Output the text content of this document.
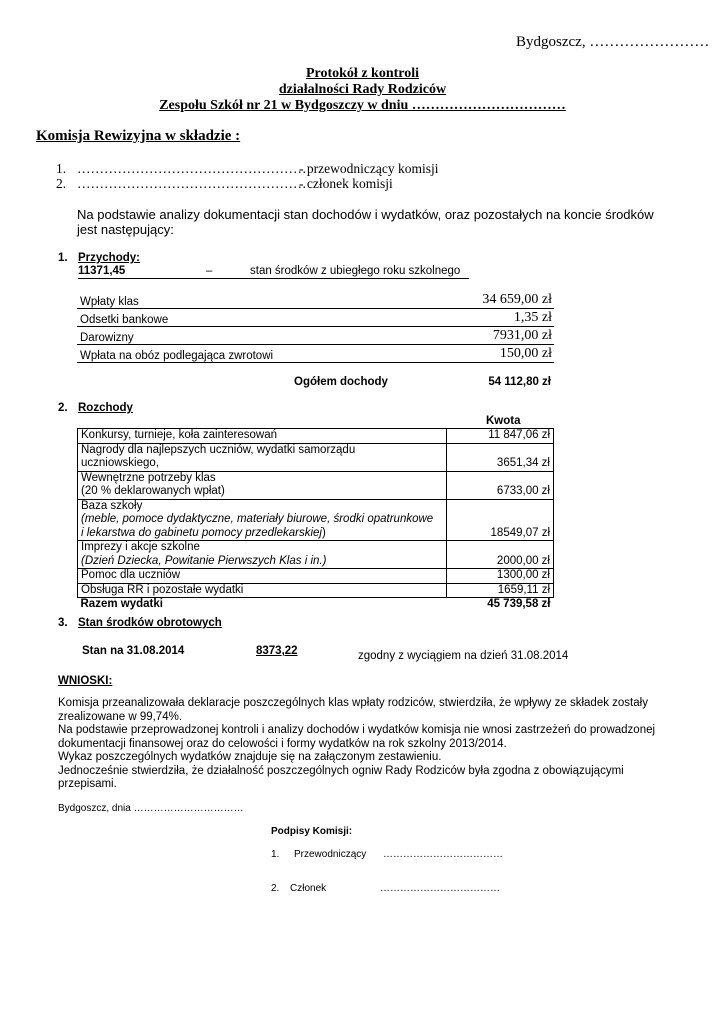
Bydgoszcz, ……………………
Protokół z kontroli
działalności Rady Rodziców
Zespołu Szkół nr 21 w Bydgoszczy w dniu ……………………………
Komisja Rewizyjna w składzie :
1. ……………………………………………
- przewodniczący komisji
2. ……………………………………………
- członek komisji
Na podstawie analizy dokumentacji stan dochodów i wydatków, oraz pozostałych na koncie środków
jest następujący:
1. Przychody:
11371,45	–	stan środków z ubiegłego roku szkolnego
Wpłaty klas	34 659,00 zł
Odsetki bankowe	1,35 zł
Darowizny	7931,00 zł
Wpłata na obóz podlegająca zwrotowi	150,00 zł
Ogółem dochody	54 112,80 zł
2. Rozchody
Kwota
Konkursy, turnieje, koła zainteresowań	11 847,06 zł
Nagrody dla najlepszych uczniów, wydatki samorządu
uczniowskiego,	3651,34 zł
Wewnętrzne potrzeby klas
(20 % deklarowanych wpłat)	6733,00 zł
Baza szkoły
(meble, pomoce dydaktyczne, materiały biurowe, środki opatrunkowe
i lekarstwa do gabinetu pomocy przedlekarskiej)	18549,07 zł
Imprezy i akcje szkolne
(Dzień Dziecka, Powitanie Pierwszych Klas i in.)	2000,00 zł
Pomoc dla uczniów	1300,00 zł
Obsługa RR i pozostałe wydatki	1659,11 zł
Razem wydatki	45 739,58 zł
3. Stan środków obrotowych
Stan na 31.08.2014	8373,22	zgodny z wyciągiem na dzień 31.08.2014
WNIOSKI:
Komisja przeanalizowała deklaracje poszczególnych klas wpłaty rodziców, stwierdziła, że wpływy ze składek zostały
zrealizowane w 99,74%.
Na podstawie przeprowadzonej kontroli i analizy dochodów i wydatków komisja nie wnosi zastrzeżeń do prowadzonej
dokumentacji finansowej oraz do celowości i formy wydatków na rok szkolny 2013/2014.
Wykaz poszczególnych wydatków znajduje się na załączonym zestawieniu.
Jednocześnie stwierdziła, że działalność poszczególnych ogniw Rady Rodziców była zgodna z obowiązującymi
przepisami.
Bydgoszcz, dnia ……………………………
Podpisy Komisji:
1. Przewodniczący ………………………………
2. Członek	………………………………
